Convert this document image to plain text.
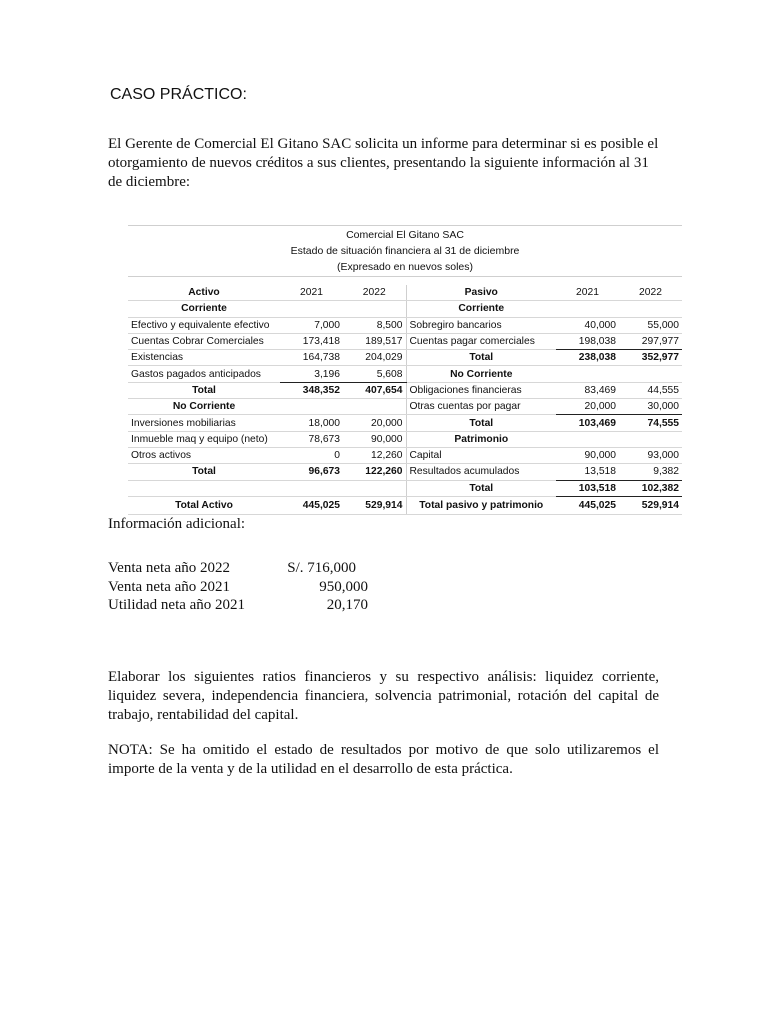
CASO PRÁCTICO:
El Gerente de Comercial El Gitano SAC solicita un informe para determinar si es posible el otorgamiento de nuevos créditos a sus clientes, presentando la siguiente información al 31 de diciembre:
Comercial El Gitano SAC
Estado de situación financiera al 31 de diciembre
(Expresado en nuevos soles)
Activo	2021	2022	Pasivo	2021	2022
Corriente			Corriente		
Efectivo y equivalente efectivo	7,000	8,500	Sobregiro bancarios	40,000	55,000
Cuentas Cobrar Comerciales	173,418	189,517	Cuentas pagar comerciales	198,038	297,977
Existencias	164,738	204,029	Total	238,038	352,977
Gastos pagados anticipados	3,196	5,608	No Corriente		
Total	348,352	407,654	Obligaciones financieras	83,469	44,555
No Corriente			Otras cuentas por pagar	20,000	30,000
Inversiones mobiliarias	18,000	20,000	Total	103,469	74,555
Inmueble maq y equipo (neto)	78,673	90,000	Patrimonio		
Otros activos	0	12,260	Capital	90,000	93,000
Total	96,673	122,260	Resultados acumulados	13,518	9,382
			Total	103,518	102,382
Total Activo	445,025	529,914	Total pasivo y patrimonio	445,025	529,914
Información adicional:
Venta neta año 2022	S/. 716,000
Venta neta año 2021	950,000
Utilidad neta año 2021	20,170
Elaborar los siguientes ratios financieros y su respectivo análisis: liquidez corriente, liquidez severa, independencia financiera, solvencia patrimonial, rotación del capital de trabajo, rentabilidad del capital.
NOTA: Se ha omitido el estado de resultados por motivo de que solo utilizaremos el importe de la venta y de la utilidad en el desarrollo de esta práctica.
